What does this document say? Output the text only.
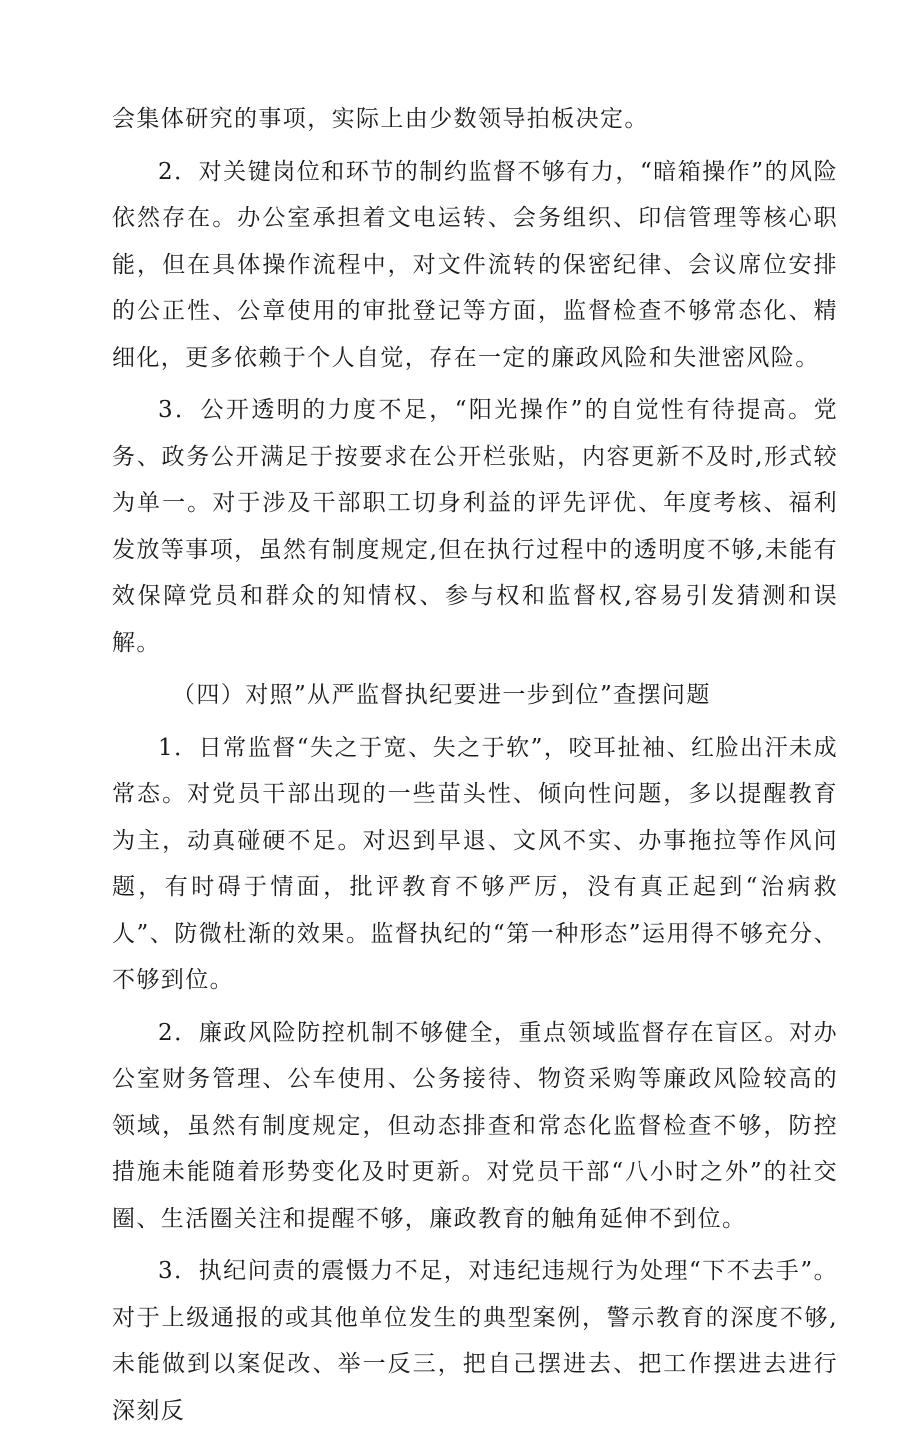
会集体研究的事项，实际上由少数领导拍板决定。

2．对关键岗位和环节的制约监督不够有力，“暗箱操作”的风险依然存在。办公室承担着文电运转、会务组织、印信管理等核心职能，但在具体操作流程中，对文件流转的保密纪律、会议席位安排的公正性、公章使用的审批登记等方面，监督检查不够常态化、精细化，更多依赖于个人自觉，存在一定的廉政风险和失泄密风险。

3．公开透明的力度不足，“阳光操作”的自觉性有待提高。党务、政务公开满足于按要求在公开栏张贴，内容更新不及时,形式较为单一。对于涉及干部职工切身利益的评先评优、年度考核、福利发放等事项，虽然有制度规定,但在执行过程中的透明度不够,未能有效保障党员和群众的知情权、参与权和监督权,容易引发猜测和误解。

（四）对照”从严监督执纪要进一步到位”查摆问题

1．日常监督“失之于宽、失之于软”，咬耳扯袖、红脸出汗未成常态。对党员干部出现的一些苗头性、倾向性问题，多以提醒教育为主，动真碰硬不足。对迟到早退、文风不实、办事拖拉等作风问题，有时碍于情面，批评教育不够严厉，没有真正起到“治病救人”、防微杜渐的效果。监督执纪的“第一种形态”运用得不够充分、不够到位。

2．廉政风险防控机制不够健全，重点领域监督存在盲区。对办公室财务管理、公车使用、公务接待、物资采购等廉政风险较高的领域，虽然有制度规定，但动态排查和常态化监督检查不够，防控措施未能随着形势变化及时更新。对党员干部“八小时之外”的社交圈、生活圈关注和提醒不够，廉政教育的触角延伸不到位。

3．执纪问责的震慑力不足，对违纪违规行为处理“下不去手”。对于上级通报的或其他单位发生的典型案例，警示教育的深度不够,未能做到以案促改、举一反三，把自己摆进去、把工作摆进去进行深刻反
